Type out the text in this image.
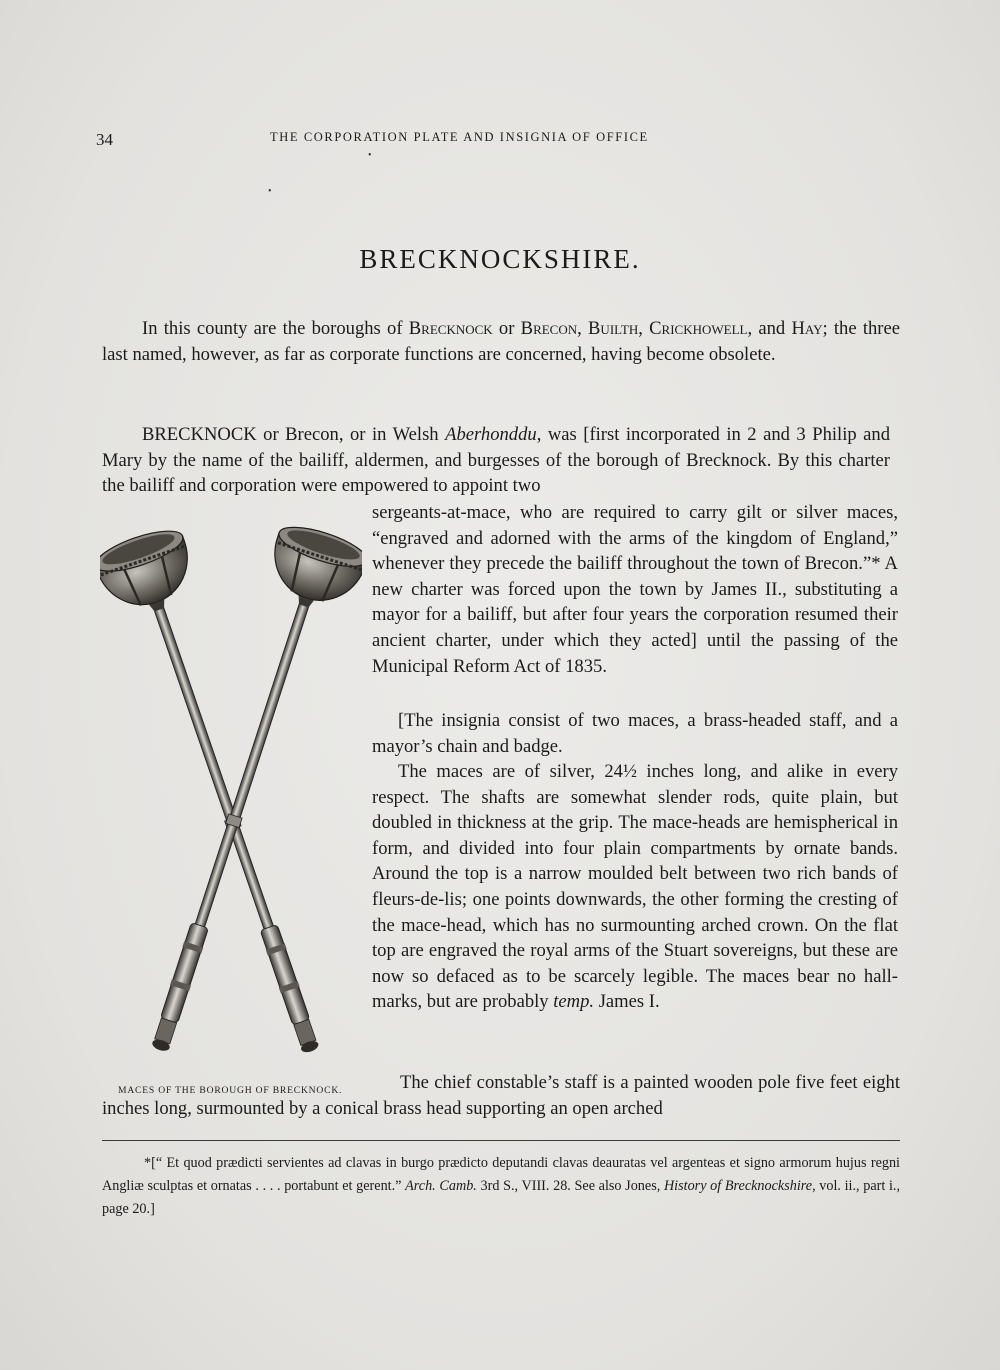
34	THE CORPORATION PLATE AND INSIGNIA OF OFFICE
•
•
BRECKNOCKSHIRE.

In this county are the boroughs of Brecknock or Brecon, Builth, Crickhowell, and Hay; the three last named, however, as far as corporate functions are concerned, having become obsolete.

BRECKNOCK or Brecon, or in Welsh Aberhonddu, was [first incorporated in 2 and 3 Philip and Mary by the name of the bailiff, aldermen, and burgesses of the borough of Brecknock. By this charter the bailiff and corporation were empowered to appoint two

sergeants-at-mace, who are required to carry gilt or silver maces, “engraved and adorned with the arms of the kingdom of England,” whenever they precede the bailiff throughout the town of Brecon.”* A new charter was forced upon the town by James II., substituting a mayor for a bailiff, but after four years the corporation resumed their ancient charter, under which they acted] until the passing of the Municipal Reform Act of 1835.

[The insignia consist of two maces, a brass-headed staff, and a mayor’s chain and badge.

The maces are of silver, 24½ inches long, and alike in every respect. The shafts are somewhat slender rods, quite plain, but doubled in thickness at the grip. The mace-heads are hemispherical in form, and divided into four plain compartments by ornate bands. Around the top is a narrow moulded belt between two rich bands of fleurs-de-lis; one points downwards, the other forming the cresting of the mace-head, which has no surmounting arched crown. On the flat top are engraved the royal arms of the Stuart sovereigns, but these are now so defaced as to be scarcely legible. The maces bear no hall-marks, but are probably temp. James I.

MACES OF THE BOROUGH OF BRECKNOCK.	The chief constable’s staff is a painted wooden pole five feet eight inches long, surmounted by a conical brass head supporting an open arched

*[“ Et quod prædicti servientes ad clavas in burgo prædicto deputandi clavas deauratas vel argenteas et signo armorum hujus regni Angliæ sculptas et ornatas . . . . portabunt et gerent.” Arch. Camb. 3rd S., VIII. 28. See also Jones, History of Brecknockshire, vol. ii., part i., page 20.]
